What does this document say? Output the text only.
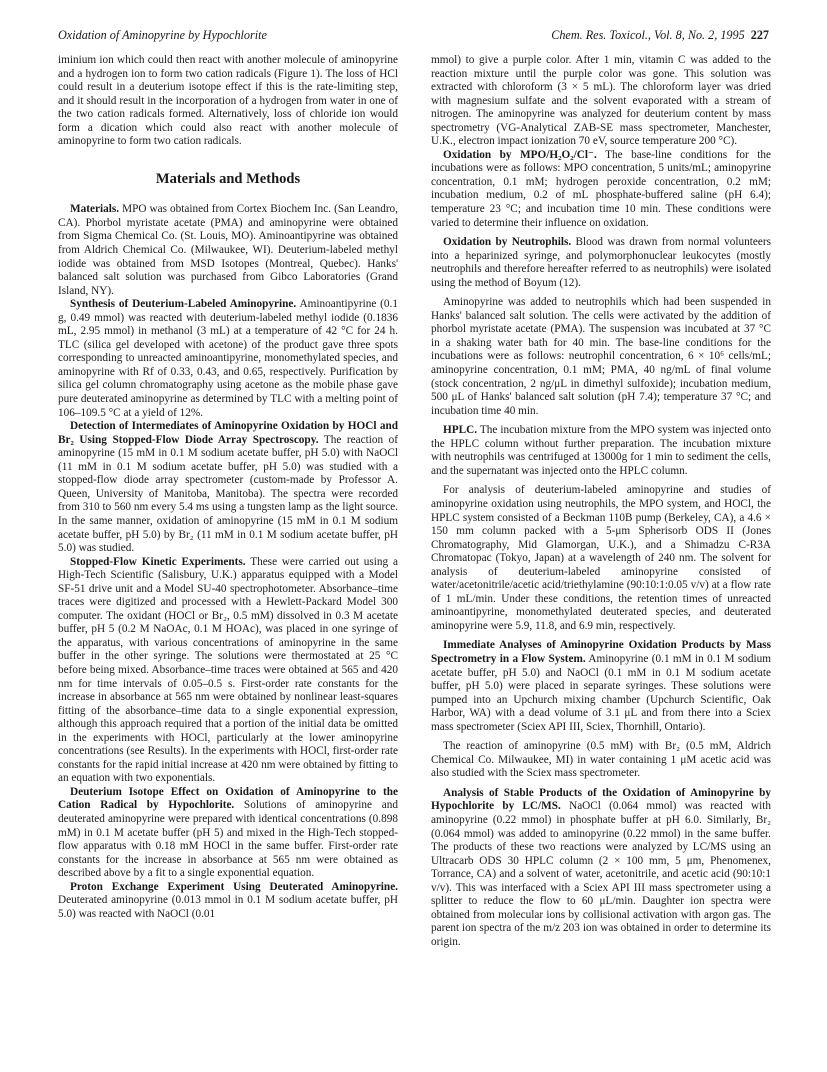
Oxidation of Aminopyrine by Hypochlorite	Chem. Res. Toxicol., Vol. 8, No. 2, 1995 227

iminium ion which could then react with another molecule of aminopyrine and a hydrogen ion to form two cation radicals (Figure 1). The loss of HCl could result in a deuterium isotope effect if this is the rate-limiting step, and it should result in the incorporation of a hydrogen from water in one of the two cation radicals formed. Alternatively, loss of chloride ion would form a dication which could also react with another molecule of aminopyrine to form two cation radicals.

Materials and Methods

Materials. MPO was obtained from Cortex Biochem Inc. (San Leandro, CA). Phorbol myristate acetate (PMA) and aminopyrine were obtained from Sigma Chemical Co. (St. Louis, MO). Aminoantipyrine was obtained from Aldrich Chemical Co. (Milwaukee, WI). Deuterium-labeled methyl iodide was obtained from MSD Isotopes (Montreal, Quebec). Hanks' balanced salt solution was purchased from Gibco Laboratories (Grand Island, NY).

Synthesis of Deuterium-Labeled Aminopyrine. Aminoantipyrine (0.1 g, 0.49 mmol) was reacted with deuterium-labeled methyl iodide (0.1836 mL, 2.95 mmol) in methanol (3 mL) at a temperature of 42 °C for 24 h. TLC (silica gel developed with acetone) of the product gave three spots corresponding to unreacted aminoantipyrine, monomethylated species, and aminopyrine with Rf of 0.33, 0.43, and 0.65, respectively. Purification by silica gel column chromatography using acetone as the mobile phase gave pure deuterated aminopyrine as determined by TLC with a melting point of 106–109.5 °C at a yield of 12%.

Detection of Intermediates of Aminopyrine Oxidation by HOCl and Br₂ Using Stopped-Flow Diode Array Spectroscopy. The reaction of aminopyrine (15 mM in 0.1 M sodium acetate buffer, pH 5.0) with NaOCl (11 mM in 0.1 M sodium acetate buffer, pH 5.0) was studied with a stopped-flow diode array spectrometer (custom-made by Professor A. Queen, University of Manitoba, Manitoba). The spectra were recorded from 310 to 560 nm every 5.4 ms using a tungsten lamp as the light source. In the same manner, oxidation of aminopyrine (15 mM in 0.1 M sodium acetate buffer, pH 5.0) by Br₂ (11 mM in 0.1 M sodium acetate buffer, pH 5.0) was studied.

Stopped-Flow Kinetic Experiments. These were carried out using a High-Tech Scientific (Salisbury, U.K.) apparatus equipped with a Model SF-51 drive unit and a Model SU-40 spectrophotometer. Absorbance–time traces were digitized and processed with a Hewlett-Packard Model 300 computer. The oxidant (HOCl or Br₂, 0.5 mM) dissolved in 0.3 M acetate buffer, pH 5 (0.2 M NaOAc, 0.1 M HOAc), was placed in one syringe of the apparatus, with various concentrations of aminopyrine in the same buffer in the other syringe. The solutions were thermostated at 25 °C before being mixed. Absorbance–time traces were obtained at 565 and 420 nm for time intervals of 0.05–0.5 s. First-order rate constants for the increase in absorbance at 565 nm were obtained by nonlinear least-squares fitting of the absorbance–time data to a single exponential expression, although this approach required that a portion of the initial data be omitted in the experiments with HOCl, particularly at the lower aminopyrine concentrations (see Results). In the experiments with HOCl, first-order rate constants for the rapid initial increase at 420 nm were obtained by fitting to an equation with two exponentials.

Deuterium Isotope Effect on Oxidation of Aminopyrine to the Cation Radical by Hypochlorite. Solutions of aminopyrine and deuterated aminopyrine were prepared with identical concentrations (0.898 mM) in 0.1 M acetate buffer (pH 5) and mixed in the High-Tech stopped-flow apparatus with 0.18 mM HOCl in the same buffer. First-order rate constants for the increase in absorbance at 565 nm were obtained as described above by a fit to a single exponential equation.

Proton Exchange Experiment Using Deuterated Aminopyrine. Deuterated aminopyrine (0.013 mmol in 0.1 M sodium acetate buffer, pH 5.0) was reacted with NaOCl (0.01

mmol) to give a purple color. After 1 min, vitamin C was added to the reaction mixture until the purple color was gone. This solution was extracted with chloroform (3 × 5 mL). The chloroform layer was dried with magnesium sulfate and the solvent evaporated with a stream of nitrogen. The aminopyrine was analyzed for deuterium content by mass spectrometry (VG-Analytical ZAB-SE mass spectrometer, Manchester, U.K., electron impact ionization 70 eV, source temperature 200 °C).

Oxidation by MPO/H₂O₂/Cl⁻. The base-line conditions for the incubations were as follows: MPO concentration, 5 units/mL; aminopyrine concentration, 0.1 mM; hydrogen peroxide concentration, 0.2 mM; incubation medium, 0.2 of mL phosphate-buffered saline (pH 6.4); temperature 23 °C; and incubation time 10 min. These conditions were varied to determine their influence on oxidation.

Oxidation by Neutrophils. Blood was drawn from normal volunteers into a heparinized syringe, and polymorphonuclear leukocytes (mostly neutrophils and therefore hereafter referred to as neutrophils) were isolated using the method of Boyum (12).

Aminopyrine was added to neutrophils which had been suspended in Hanks' balanced salt solution. The cells were activated by the addition of phorbol myristate acetate (PMA). The suspension was incubated at 37 °C in a shaking water bath for 40 min. The base-line conditions for the incubations were as follows: neutrophil concentration, 6 × 10⁶ cells/mL; aminopyrine concentration, 0.1 mM; PMA, 40 ng/mL of final volume (stock concentration, 2 ng/μL in dimethyl sulfoxide); incubation medium, 500 μL of Hanks' balanced salt solution (pH 7.4); temperature 37 °C; and incubation time 40 min.

HPLC. The incubation mixture from the MPO system was injected onto the HPLC column without further preparation. The incubation mixture with neutrophils was centrifuged at 13000g for 1 min to sediment the cells, and the supernatant was injected onto the HPLC column.

For analysis of deuterium-labeled aminopyrine and studies of aminopyrine oxidation using neutrophils, the MPO system, and HOCl, the HPLC system consisted of a Beckman 110B pump (Berkeley, CA), a 4.6 × 150 mm column packed with a 5-μm Spherisorb ODS II (Jones Chromatography, Mid Glamorgan, U.K.), and a Shimadzu C-R3A Chromatopac (Tokyo, Japan) at a wavelength of 240 nm. The solvent for analysis of deuterium-labeled aminopyrine consisted of water/acetonitrile/acetic acid/triethylamine (90:10:1:0.05 v/v) at a flow rate of 1 mL/min. Under these conditions, the retention times of unreacted aminoantipyrine, monomethylated deuterated species, and deuterated aminopyrine were 5.9, 11.8, and 6.9 min, respectively.

Immediate Analyses of Aminopyrine Oxidation Products by Mass Spectrometry in a Flow System. Aminopyrine (0.1 mM in 0.1 M sodium acetate buffer, pH 5.0) and NaOCl (0.1 mM in 0.1 M sodium acetate buffer, pH 5.0) were placed in separate syringes. These solutions were pumped into an Upchurch mixing chamber (Upchurch Scientific, Oak Harbor, WA) with a dead volume of 3.1 μL and from there into a Sciex mass spectrometer (Sciex API III, Sciex, Thornhill, Ontario).

The reaction of aminopyrine (0.5 mM) with Br₂ (0.5 mM, Aldrich Chemical Co. Milwaukee, MI) in water containing 1 μM acetic acid was also studied with the Sciex mass spectrometer.

Analysis of Stable Products of the Oxidation of Aminopyrine by Hypochlorite by LC/MS. NaOCl (0.064 mmol) was reacted with aminopyrine (0.22 mmol) in phosphate buffer at pH 6.0. Similarly, Br₂ (0.064 mmol) was added to aminopyrine (0.22 mmol) in the same buffer. The products of these two reactions were analyzed by LC/MS using an Ultracarb ODS 30 HPLC column (2 × 100 mm, 5 μm, Phenomenex, Torrance, CA) and a solvent of water, acetonitrile, and acetic acid (90:10:1 v/v). This was interfaced with a Sciex API III mass spectrometer using a splitter to reduce the flow to 60 μL/min. Daughter ion spectra were obtained from molecular ions by collisional activation with argon gas. The parent ion spectra of the m/z 203 ion was obtained in order to determine its origin.
